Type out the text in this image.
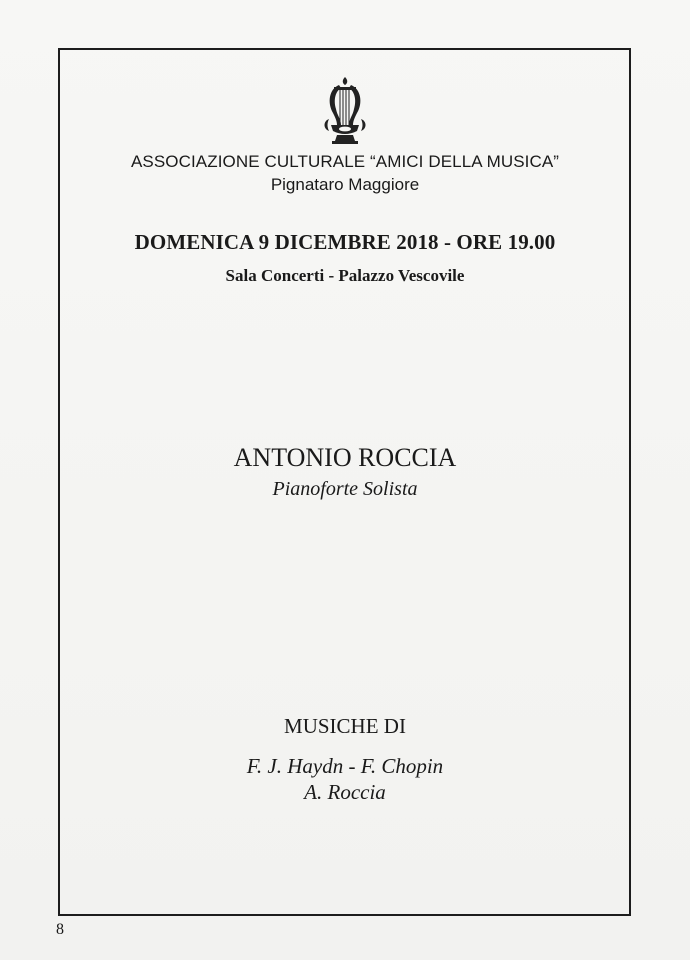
ASSOCIAZIONE CULTURALE “AMICI DELLA MUSICA”
Pignataro Maggiore
DOMENICA 9 DICEMBRE 2018 - ORE 19.00
Sala Concerti - Palazzo Vescovile
ANTONIO ROCCIA
Pianoforte Solista
MUSICHE DI
F. J. Haydn - F. Chopin
A. Roccia
8
